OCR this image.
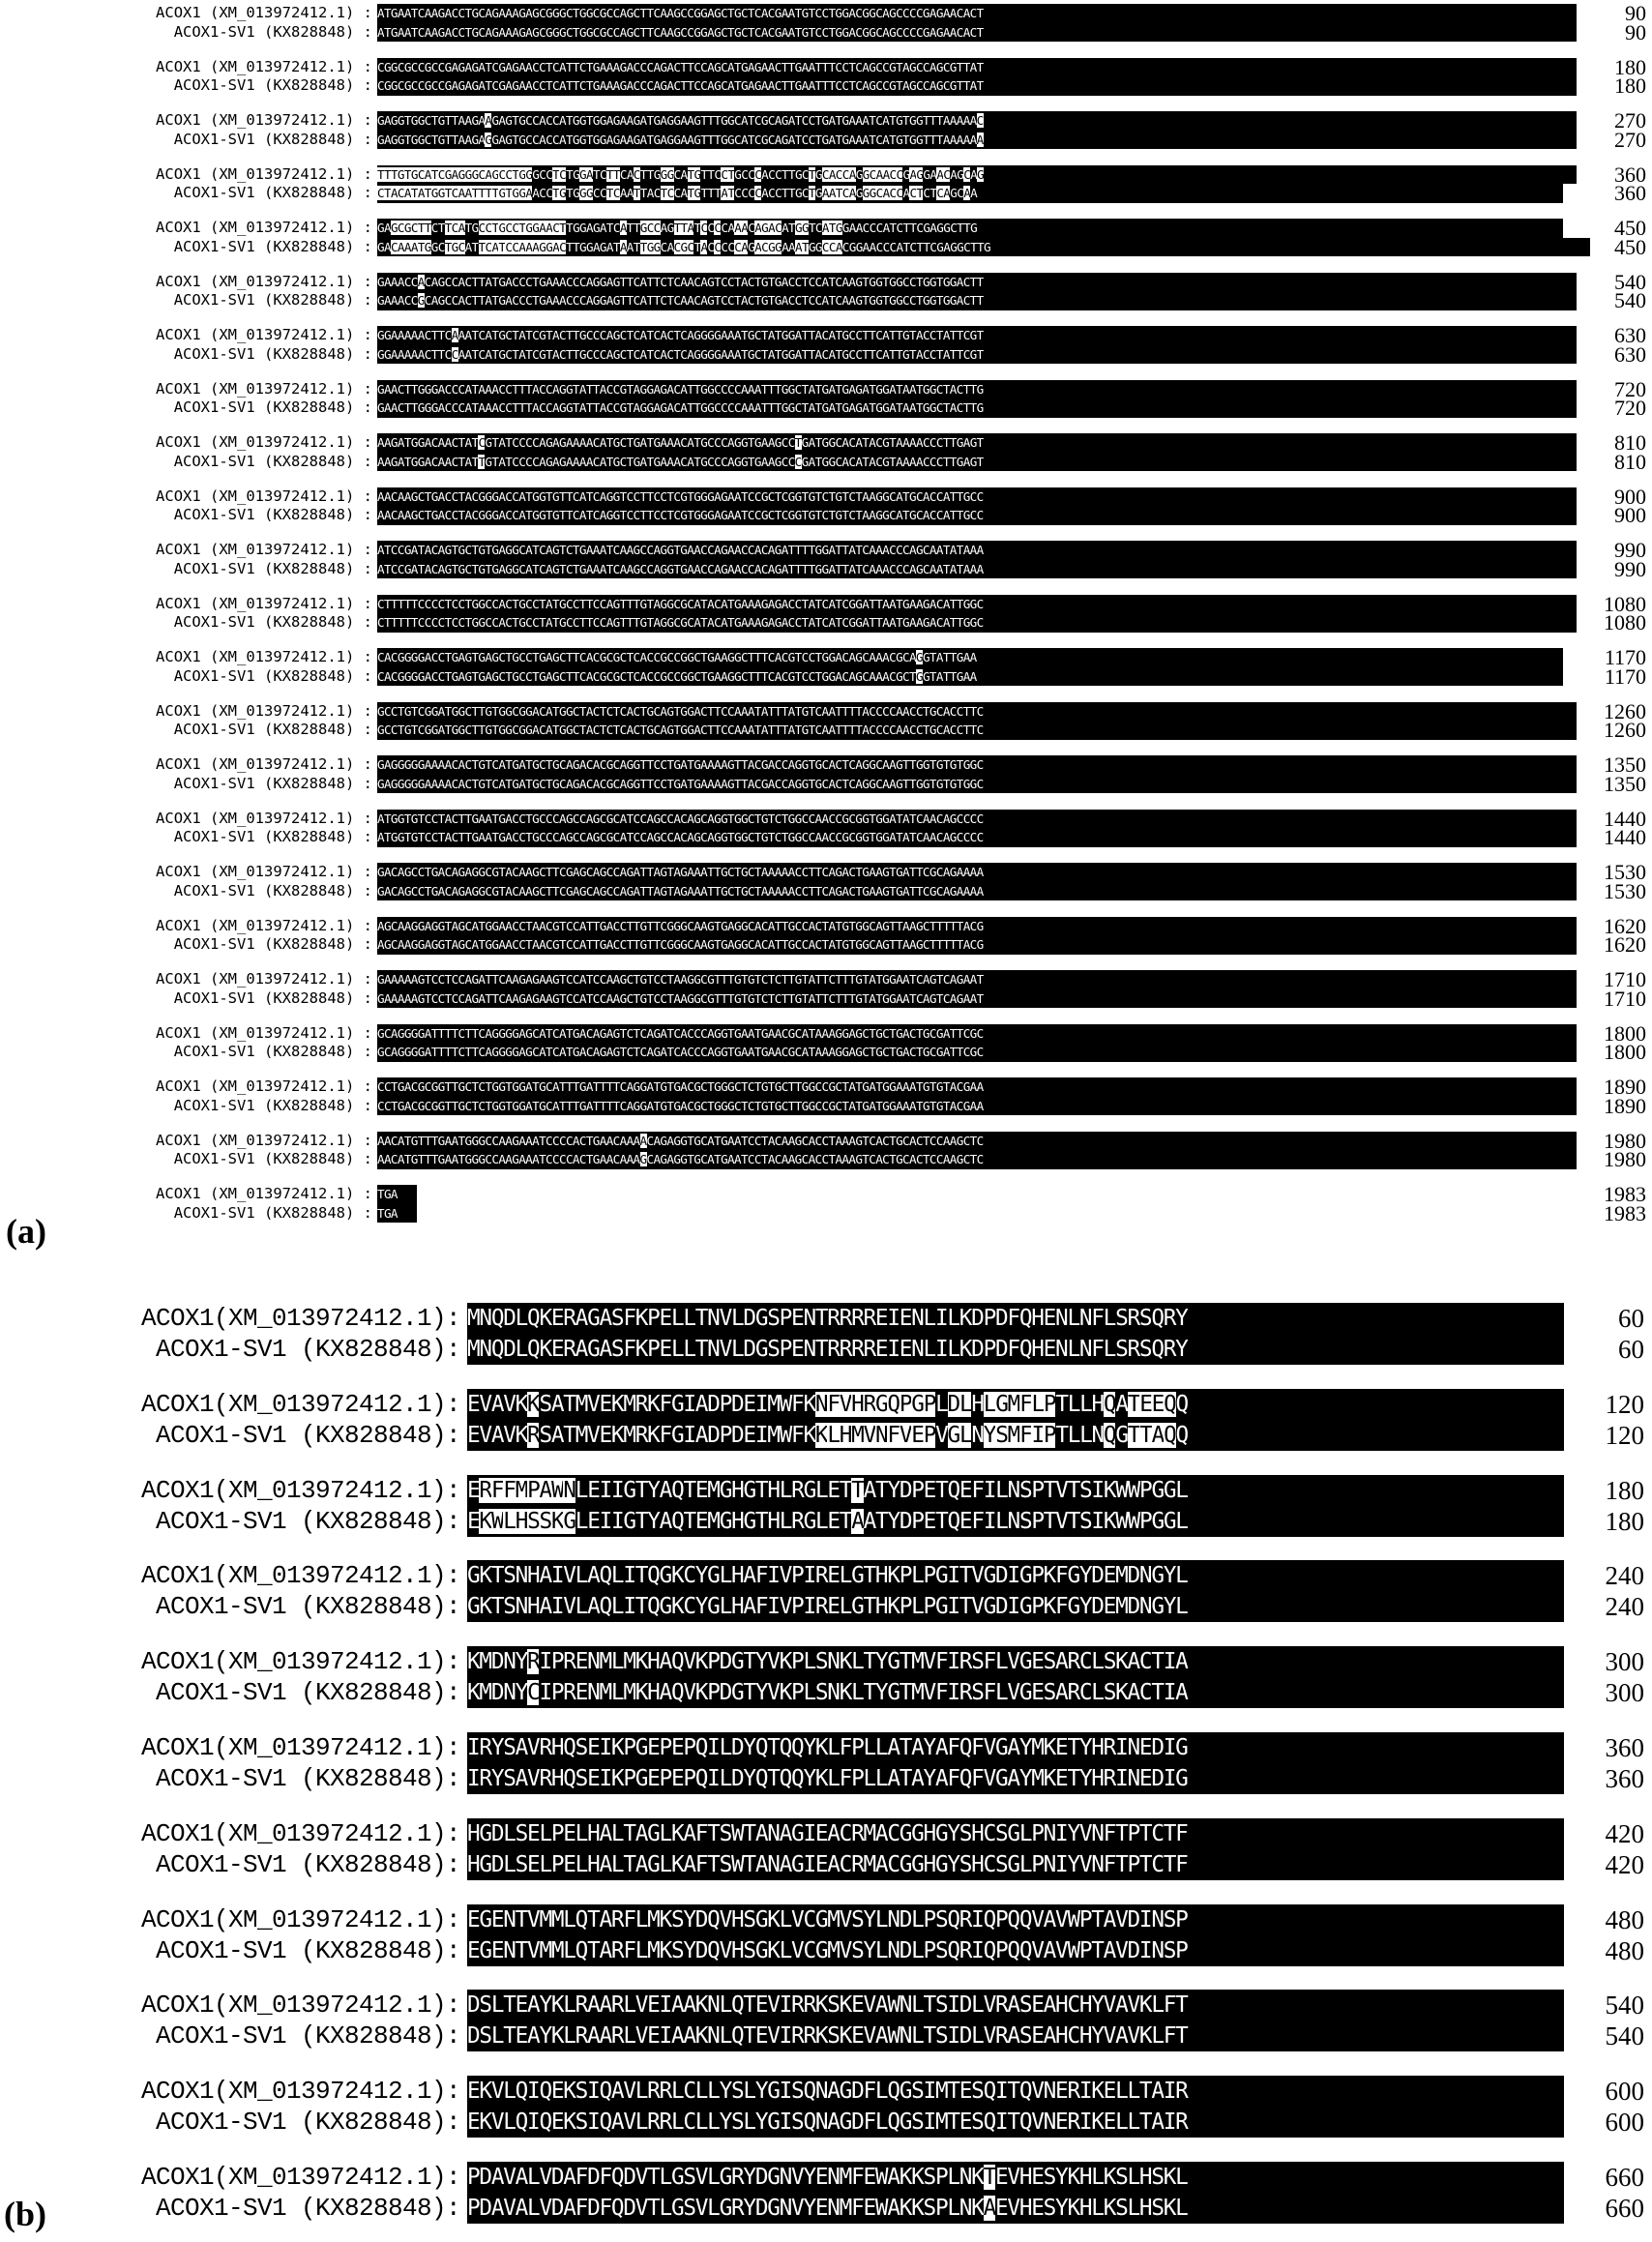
ACOX1 (XM_013972412.1) : ATGAATCAAGACCTGCAGAAAGAGCGGGCTGGCGCCAGCTTCAAGCCGGAGCTGCTCACGAATGTCCTGGACGGCAGCCCCGAGAACACT	90
ACOX1-SV1 (KX828848) : ATGAATCAAGACCTGCAGAAAGAGCGGGCTGGCGCCAGCTTCAAGCCGGAGCTGCTCACGAATGTCCTGGACGGCAGCCCCGAGAACACT	90
ACOX1 (XM_013972412.1) : CGGCGCCGCCGAGAGATCGAGAACCTCATTCTGAAAGACCCAGACTTCCAGCATGAGAACTTGAATTTCCTCAGCCGTAGCCAGCGTTAT	180
ACOX1-SV1 (KX828848) : CGGCGCCGCCGAGAGATCGAGAACCTCATTCTGAAAGACCCAGACTTCCAGCATGAGAACTTGAATTTCCTCAGCCGTAGCCAGCGTTAT	180
ACOX1 (XM_013972412.1) : GAGGTGGCTGTTAAGAAGAGTGCCACCATGGTGGAGAAGATGAGGAAGTTTGGCATCGCAGATCCTGATGAAATCATGTGGTTTAAAAAC	270
ACOX1-SV1 (KX828848) : GAGGTGGCTGTTAAGAGGAGTGCCACCATGGTGGAGAAGATGAGGAAGTTTGGCATCGCAGATCCTGATGAAATCATGTGGTTTAAAAAA	270
ACOX1 (XM_013972412.1) : TTTGTGCATCGAGGGCAGCCTGGGCCTCTGGATCTTCACTTGGGCATGTTCCTGCCCACCTTGCTGCACCAGGCAACCGAGGAACAGCAG	360
ACOX1-SV1 (KX828848) : CTACATATGGTCAATTTTGTGGAACCTGTGGGCCTCAATTACTCCATGTTTATCCCCACCTTGCTGAATCAGGGCACCACTCTCAGCAA	360
ACOX1 (XM_013972412.1) : GAGCGCTTCTTCATGCCTGCCTGGAACTTGGAGATCATTGCCAGTTATCCCCAAACAGACATGGTCATGGAACCCATCTTCGAGGCTTG	450
ACOX1-SV1 (KX828848) : GACAAATGGCTGCATTCATCCAAAGGACTTGGAGATAATTGGCACGCTACCCCCAGACGGAAATGGCCACGGAACCCATCTTCGAGGCTTG	450
ACOX1 (XM_013972412.1) : GAAACCACAGCCACTTATGACCCTGAAACCCAGGAGTTCATTCTCAACAGTCCTACTGTGACCTCCATCAAGTGGTGGCCTGGTGGACTT	540
ACOX1-SV1 (KX828848) : GAAACCGCAGCCACTTATGACCCTGAAACCCAGGAGTTCATTCTCAACAGTCCTACTGTGACCTCCATCAAGTGGTGGCCTGGTGGACTT	540
ACOX1 (XM_013972412.1) : GGAAAAACTTCAAATCATGCTATCGTACTTGCCCAGCTCATCACTCAGGGGAAATGCTATGGATTACATGCCTTCATTGTACCTATTCGT	630
ACOX1-SV1 (KX828848) : GGAAAAACTTCCAATCATGCTATCGTACTTGCCCAGCTCATCACTCAGGGGAAATGCTATGGATTACATGCCTTCATTGTACCTATTCGT	630
ACOX1 (XM_013972412.1) : GAACTTGGGACCCATAAACCTTTACCAGGTATTACCGTAGGAGACATTGGCCCCAAATTTGGCTATGATGAGATGGATAATGGCTACTTG	720
ACOX1-SV1 (KX828848) : GAACTTGGGACCCATAAACCTTTACCAGGTATTACCGTAGGAGACATTGGCCCCAAATTTGGCTATGATGAGATGGATAATGGCTACTTG	720
ACOX1 (XM_013972412.1) : AAGATGGACAACTATCGTATCCCCAGAGAAAACATGCTGATGAAACATGCCCAGGTGAAGCCTGATGGCACATACGTAAAACCCTTGAGT	810
ACOX1-SV1 (KX828848) : AAGATGGACAACTATTGTATCCCCAGAGAAAACATGCTGATGAAACATGCCCAGGTGAAGCCCGATGGCACATACGTAAAACCCTTGAGT	810
ACOX1 (XM_013972412.1) : AACAAGCTGACCTACGGGACCATGGTGTTCATCAGGTCCTTCCTCGTGGGAGAATCCGCTCGGTGTCTGTCTAAGGCATGCACCATTGCC	900
ACOX1-SV1 (KX828848) : AACAAGCTGACCTACGGGACCATGGTGTTCATCAGGTCCTTCCTCGTGGGAGAATCCGCTCGGTGTCTGTCTAAGGCATGCACCATTGCC	900
ACOX1 (XM_013972412.1) : ATCCGATACAGTGCTGTGAGGCATCAGTCTGAAATCAAGCCAGGTGAACCAGAACCACAGATTTTGGATTATCAAACCCAGCAATATAAA	990
ACOX1-SV1 (KX828848) : ATCCGATACAGTGCTGTGAGGCATCAGTCTGAAATCAAGCCAGGTGAACCAGAACCACAGATTTTGGATTATCAAACCCAGCAATATAAA	990
ACOX1 (XM_013972412.1) : CTTTTTCCCCTCCTGGCCACTGCCTATGCCTTCCAGTTTGTAGGCGCATACATGAAAGAGACCTATCATCGGATTAATGAAGACATTGGC	1080
ACOX1-SV1 (KX828848) : CTTTTTCCCCTCCTGGCCACTGCCTATGCCTTCCAGTTTGTAGGCGCATACATGAAAGAGACCTATCATCGGATTAATGAAGACATTGGC	1080
ACOX1 (XM_013972412.1) : CACGGGGACCTGAGTGAGCTGCCTGAGCTTCACGCGCTCACCGCCGGCTGAAGGCTTTCACGTCCTGGACAGCAAACGCAGGTATTGAA	1170
ACOX1-SV1 (KX828848) : CACGGGGACCTGAGTGAGCTGCCTGAGCTTCACGCGCTCACCGCCGGCTGAAGGCTTTCACGTCCTGGACAGCAAACGCTGGTATTGAA	1170
ACOX1 (XM_013972412.1) : GCCTGTCGGATGGCTTGTGGCGGACATGGCTACTCTCACTGCAGTGGACTTCCAAATATTTATGTCAATTTTACCCCAACCTGCACCTTC	1260
ACOX1-SV1 (KX828848) : GCCTGTCGGATGGCTTGTGGCGGACATGGCTACTCTCACTGCAGTGGACTTCCAAATATTTATGTCAATTTTACCCCAACCTGCACCTTC	1260
ACOX1 (XM_013972412.1) : GAGGGGGAAAACACTGTCATGATGCTGCAGACACGCAGGTTCCTGATGAAAAGTTACGACCAGGTGCACTCAGGCAAGTTGGTGTGTGGC	1350
ACOX1-SV1 (KX828848) : GAGGGGGAAAACACTGTCATGATGCTGCAGACACGCAGGTTCCTGATGAAAAGTTACGACCAGGTGCACTCAGGCAAGTTGGTGTGTGGC	1350
ACOX1 (XM_013972412.1) : ATGGTGTCCTACTTGAATGACCTGCCCAGCCAGCGCATCCAGCCACAGCAGGTGGCTGTCTGGCCAACCGCGGTGGATATCAACAGCCCC	1440
ACOX1-SV1 (KX828848) : ATGGTGTCCTACTTGAATGACCTGCCCAGCCAGCGCATCCAGCCACAGCAGGTGGCTGTCTGGCCAACCGCGGTGGATATCAACAGCCCC	1440
ACOX1 (XM_013972412.1) : GACAGCCTGACAGAGGCGTACAAGCTTCGAGCAGCCAGATTAGTAGAAATTGCTGCTAAAAACCTTCAGACTGAAGTGATTCGCAGAAAA	1530
ACOX1-SV1 (KX828848) : GACAGCCTGACAGAGGCGTACAAGCTTCGAGCAGCCAGATTAGTAGAAATTGCTGCTAAAAACCTTCAGACTGAAGTGATTCGCAGAAAA	1530
ACOX1 (XM_013972412.1) : AGCAAGGAGGTAGCATGGAACCTAACGTCCATTGACCTTGTTCGGGCAAGTGAGGCACATTGCCACTATGTGGCAGTTAAGCTTTTTACG	1620
ACOX1-SV1 (KX828848) : AGCAAGGAGGTAGCATGGAACCTAACGTCCATTGACCTTGTTCGGGCAAGTGAGGCACATTGCCACTATGTGGCAGTTAAGCTTTTTACG	1620
ACOX1 (XM_013972412.1) : GAAAAAGTCCTCCAGATTCAAGAGAAGTCCATCCAAGCTGTCCTAAGGCGTTTGTGTCTCTTGTATTCTTTGTATGGAATCAGTCAGAAT	1710
ACOX1-SV1 (KX828848) : GAAAAAGTCCTCCAGATTCAAGAGAAGTCCATCCAAGCTGTCCTAAGGCGTTTGTGTCTCTTGTATTCTTTGTATGGAATCAGTCAGAAT	1710
ACOX1 (XM_013972412.1) : GCAGGGGATTTTCTTCAGGGGAGCATCATGACAGAGTCTCAGATCACCCAGGTGAATGAACGCATAAAGGAGCTGCTGACTGCGATTCGC	1800
ACOX1-SV1 (KX828848) : GCAGGGGATTTTCTTCAGGGGAGCATCATGACAGAGTCTCAGATCACCCAGGTGAATGAACGCATAAAGGAGCTGCTGACTGCGATTCGC	1800
ACOX1 (XM_013972412.1) : CCTGACGCGGTTGCTCTGGTGGATGCATTTGATTTTCAGGATGTGACGCTGGGCTCTGTGCTTGGCCGCTATGATGGAAATGTGTACGAA	1890
ACOX1-SV1 (KX828848) : CCTGACGCGGTTGCTCTGGTGGATGCATTTGATTTTCAGGATGTGACGCTGGGCTCTGTGCTTGGCCGCTATGATGGAAATGTGTACGAA	1890
ACOX1 (XM_013972412.1) : AACATGTTTGAATGGGCCAAGAAATCCCCACTGAACAAAACAGAGGTGCATGAATCCTACAAGCACCTAAAGTCACTGCACTCCAAGCTC	1980
ACOX1-SV1 (KX828848) : AACATGTTTGAATGGGCCAAGAAATCCCCACTGAACAAAGCAGAGGTGCATGAATCCTACAAGCACCTAAAGTCACTGCACTCCAAGCTC	1980
ACOX1 (XM_013972412.1) : TGA	1983
ACOX1-SV1 (KX828848) : TGA	1983
(a)
ACOX1(XM_013972412.1): MNQDLQKERAGASFKPELLTNVLDGSPENTRRRREIENLILKDPDFQHENLNFLSRSQRY	60
ACOX1-SV1 (KX828848): MNQDLQKERAGASFKPELLTNVLDGSPENTRRRREIENLILKDPDFQHENLNFLSRSQRY	60
ACOX1(XM_013972412.1): EVAVKKSATMVEKMRKFGIADPDEIMWFKNFVHRGQPGPLDLHLGMFLPTLLHQATEEQQ	120
ACOX1-SV1 (KX828848): EVAVKRSATMVEKMRKFGIADPDEIMWFKKLHMVNFVEPVGLNYSMFIPTLLNQGTTAQQ	120
ACOX1(XM_013972412.1): ERFFMPAWNLEIIGTYAQTEMGHGTHLRGLETTATYDPETQEFILNSPTVTSIKWWPGGL	180
ACOX1-SV1 (KX828848): EKWLHSSKGLEIIGTYAQTEMGHGTHLRGLETAATYDPETQEFILNSPTVTSIKWWPGGL	180
ACOX1(XM_013972412.1): GKTSNHAIVLAQLITQGKCYGLHAFIVPIRELGTHKPLPGITVGDIGPKFGYDEMDNGYL	240
ACOX1-SV1 (KX828848): GKTSNHAIVLAQLITQGKCYGLHAFIVPIRELGTHKPLPGITVGDIGPKFGYDEMDNGYL	240
ACOX1(XM_013972412.1): KMDNYRIPRENMLMKHAQVKPDGTYVKPLSNKLTYGTMVFIRSFLVGESARCLSKACTIA	300
ACOX1-SV1 (KX828848): KMDNYCIPRENMLMKHAQVKPDGTYVKPLSNKLTYGTMVFIRSFLVGESARCLSKACTIA	300
ACOX1(XM_013972412.1): IRYSAVRHQSEIKPGEPEPQILDYQTQQYKLFPLLATAYAFQFVGAYMKETYHRINEDIG	360
ACOX1-SV1 (KX828848): IRYSAVRHQSEIKPGEPEPQILDYQTQQYKLFPLLATAYAFQFVGAYMKETYHRINEDIG	360
ACOX1(XM_013972412.1): HGDLSELPELHALTAGLKAFTSWTANAGIEACRMACGGHGYSHCSGLPNIYVNFTPTCTF	420
ACOX1-SV1 (KX828848): HGDLSELPELHALTAGLKAFTSWTANAGIEACRMACGGHGYSHCSGLPNIYVNFTPTCTF	420
ACOX1(XM_013972412.1): EGENTVMMLQTARFLMKSYDQVHSGKLVCGMVSYLNDLPSQRIQPQQVAVWPTAVDINSP	480
ACOX1-SV1 (KX828848): EGENTVMMLQTARFLMKSYDQVHSGKLVCGMVSYLNDLPSQRIQPQQVAVWPTAVDINSP	480
ACOX1(XM_013972412.1): DSLTEAYKLRAARLVEIAAKNLQTEVIRRKSKEVAWNLTSIDLVRASEAHCHYVAVKLFT	540
ACOX1-SV1 (KX828848): DSLTEAYKLRAARLVEIAAKNLQTEVIRRKSKEVAWNLTSIDLVRASEAHCHYVAVKLFT	540
ACOX1(XM_013972412.1): EKVLQIQEKSIQAVLRRLCLLYSLYGISQNAGDFLQGSIMTESQITQVNERIKELLTAIR	600
ACOX1-SV1 (KX828848): EKVLQIQEKSIQAVLRRLCLLYSLYGISQNAGDFLQGSIMTESQITQVNERIKELLTAIR	600
ACOX1(XM_013972412.1): PDAVALVDAFDFQDVTLGSVLGRYDGNVYENMFEWAKKSPLNKTEVHESYKHLKSLHSKL	660
ACOX1-SV1 (KX828848): PDAVALVDAFDFQDVTLGSVLGRYDGNVYENMFEWAKKSPLNKAEVHESYKHLKSLHSKL	660
(b)
